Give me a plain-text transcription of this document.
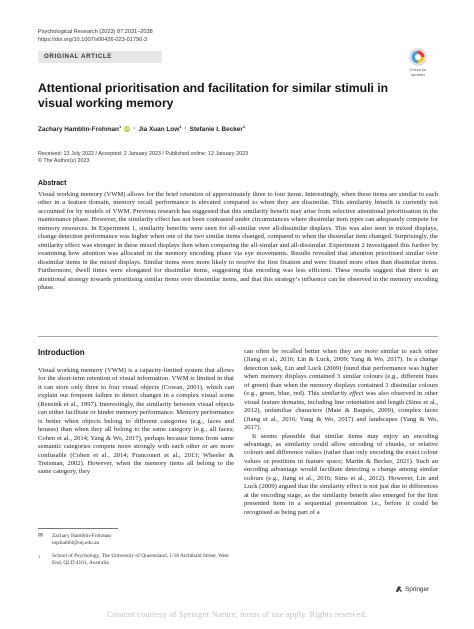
Psychological Research (2023) 87:2031–2038
https://doi.org/10.1007/s00426-023-01790-3
ORIGINAL ARTICLE
Check for
updates
Attentional prioritisation and facilitation for similar stimuli in visual working memory
Zachary Hamblin-Frohman$^1$ iD · Jia Xuan Low$^1$ · Stefanie I. Becker$^1$
Received: 13 July 2022 / Accepted: 2 January 2023 / Published online: 12 January 2023
© The Author(s) 2023
Abstract
Visual working memory (VWM) allows for the brief retention of approximately three to four items. Interestingly, when these items are similar to each other in a feature domain, memory recall performance is elevated compared to when they are dissimilar. This similarity benefit is currently not accounted for by models of VWM. Previous research has suggested that this similarity benefit may arise from selective attentional prioritisation in the maintenance phase. However, the similarity effect has not been contrasted under circumstances where dissimilar item types can adequately compete for memory resources. In Experiment 1, similarity benefits were seen for all-similar over all-dissimilar displays. This was also seen in mixed displays, change detection performance was higher when one of the two similar items changed, compared to when the dissimilar item changed. Surprisingly, the similarity effect was stronger in these mixed displays then when comparing the all-similar and all-dissimilar. Experiment 2 investigated this further by examining how attention was allocated in the memory encoding phase via eye movements. Results revealed that attention prioritised similar over dissimilar items in the mixed displays. Similar items were more likely to receive the first fixation and were fixated more often than dissimilar items. Furthermore, dwell times were elongated for dissimilar items, suggesting that encoding was less efficient. These results suggest that there is an attentional strategy towards prioritising similar items over dissimilar items, and that this strategy’s influence can be observed in the memory encoding phase.
Introduction
Visual working memory (VWM) is a capacity-limited system that allows for the short-term retention of visual information. VWM is limited in that it can store only three to four visual objects (Cowan, 2001), which can explain our frequent failure to detect changes in a complex visual scene (Rensink et al., 1997). Interestingly, the similarity between visual objects can either facilitate or hinder memory performance. Memory performance is better when objects belong to different categories (e.g., faces and houses) than when they all belong to the same category (e.g., all faces; Cohen et al., 2014; Yang & Wo, 2017), perhaps because items from same semantic categories compete more strongly with each other or are more confusable (Cohen et al., 2014; Franconeri et al., 2013; Wheeler & Treisman, 2002). However, when the memory items all belong to the same category, they

can often be recalled better when they are more similar to each other (Jiang et al., 2016; Lin & Luck, 2009; Yang & Wo, 2017). In a change detection task, Lin and Luck (2009) found that performance was higher when memory displays contained 3 similar colours (e.g., different hues of green) than when the memory displays contained 3 dissimilar colours (e.g., green, blue, red). This similarity effect was also observed in other visual feature domains, including line orientation and length (Sims et al., 2012), unfamiliar characters (Mate & Baqués, 2009), complex faces (Jiang et al., 2016; Yang & Wo, 2017) and landscapes (Yang & Wo, 2017).

It seems plausible that similar items may enjoy an encoding advantage, as similarity could allow encoding of chunks, or relative colours and difference values (rather than only encoding the exact colour values or positions in feature space; Martin & Becker, 2021). Such an encoding advantage would facilitate detecting a change among similar colours (e.g., Jiang et al., 2016; Sims et al., 2012). However, Lin and Luck (2009) argued that the similarity effect is not just due to differences at the encoding stage, as the similarity benefit also emerged for the first presented item in a sequential presentation i.e., before it could be recognised as being part of a

✉ Zachary Hamblin-Frohman
uqzhambl@uq.edu.au
1	School of Psychology, The University of Queensland, 1/18 Archibald Street, West End, QLD 4101, Australia
Springer
Content courtesy of Springer Nature, terms of use apply. Rights reserved.
